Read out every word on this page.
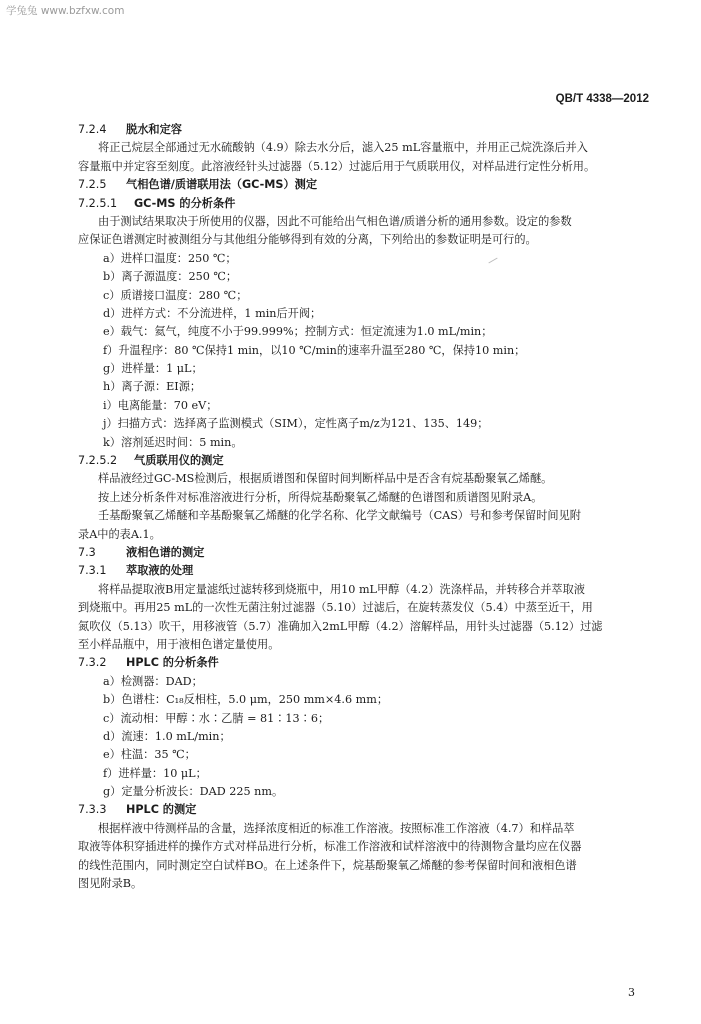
学兔兔 www.bzfxw.com
QB/T 4338—2012
7.2.4 脱水和定容
将正己烷层全部通过无水硫酸钠（4.9）除去水分后，滤入25 mL容量瓶中，并用正己烷洗涤后并入
容量瓶中并定容至刻度。此溶液经针头过滤器（5.12）过滤后用于气质联用仪，对样品进行定性分析用。
7.2.5 气相色谱/质谱联用法（GC-MS）测定
7.2.5.1 GC-MS 的分析条件
由于测试结果取决于所使用的仪器，因此不可能给出气相色谱/质谱分析的通用参数。设定的参数
应保证色谱测定时被测组分与其他组分能够得到有效的分离，下列给出的参数证明是可行的。
a）进样口温度：250 ℃；
b）离子源温度：250 ℃；
c）质谱接口温度：280 ℃；
d）进样方式：不分流进样，1 min后开阀；
e）载气：氦气，纯度不小于99.999%；控制方式：恒定流速为1.0 mL/min；
f）升温程序：80 ℃保持1 min，以10 ℃/min的速率升温至280 ℃，保持10 min；
g）进样量：1 μL；
h）离子源：EI源；
i）电离能量：70 eV；
j）扫描方式：选择离子监测模式（SIM），定性离子m/z为121、135、149；
k）溶剂延迟时间：5 min。
7.2.5.2 气质联用仪的测定
样品液经过GC-MS检测后，根据质谱图和保留时间判断样品中是否含有烷基酚聚氧乙烯醚。
按上述分析条件对标准溶液进行分析，所得烷基酚聚氧乙烯醚的色谱图和质谱图见附录A。
壬基酚聚氧乙烯醚和辛基酚聚氧乙烯醚的化学名称、化学文献编号（CAS）号和参考保留时间见附
录A中的表A.1。
7.3	液相色谱的测定
7.3.1 萃取液的处理
将样品提取液B用定量滤纸过滤转移到烧瓶中，用10 mL甲醇（4.2）洗涤样品，并转移合并萃取液
到烧瓶中。再用25 mL的一次性无菌注射过滤器（5.10）过滤后，在旋转蒸发仪（5.4）中蒸至近干，用
氮吹仪（5.13）吹干，用移液管（5.7）准确加入2mL甲醇（4.2）溶解样品，用针头过滤器（5.12）过滤
至小样品瓶中，用于液相色谱定量使用。
7.3.2 HPLC 的分析条件
a）检测器：DAD；
b）色谱柱：C₁₈反相柱，5.0 μm，250 mm×4.6 mm；
c）流动相：甲醇∶水∶乙腈 = 81∶13∶6；
d）流速：1.0 mL/min；
e）柱温：35 ℃；
f）进样量：10 μL；
g）定量分析波长：DAD 225 nm。
7.3.3 HPLC 的测定
根据样液中待测样品的含量，选择浓度相近的标准工作溶液。按照标准工作溶液（4.7）和样品萃
取液等体积穿插进样的操作方式对样品进行分析，标准工作溶液和试样溶液中的待测物含量均应在仪器
的线性范围内，同时测定空白试样BO。在上述条件下，烷基酚聚氧乙烯醚的参考保留时间和液相色谱
图见附录B。
3
